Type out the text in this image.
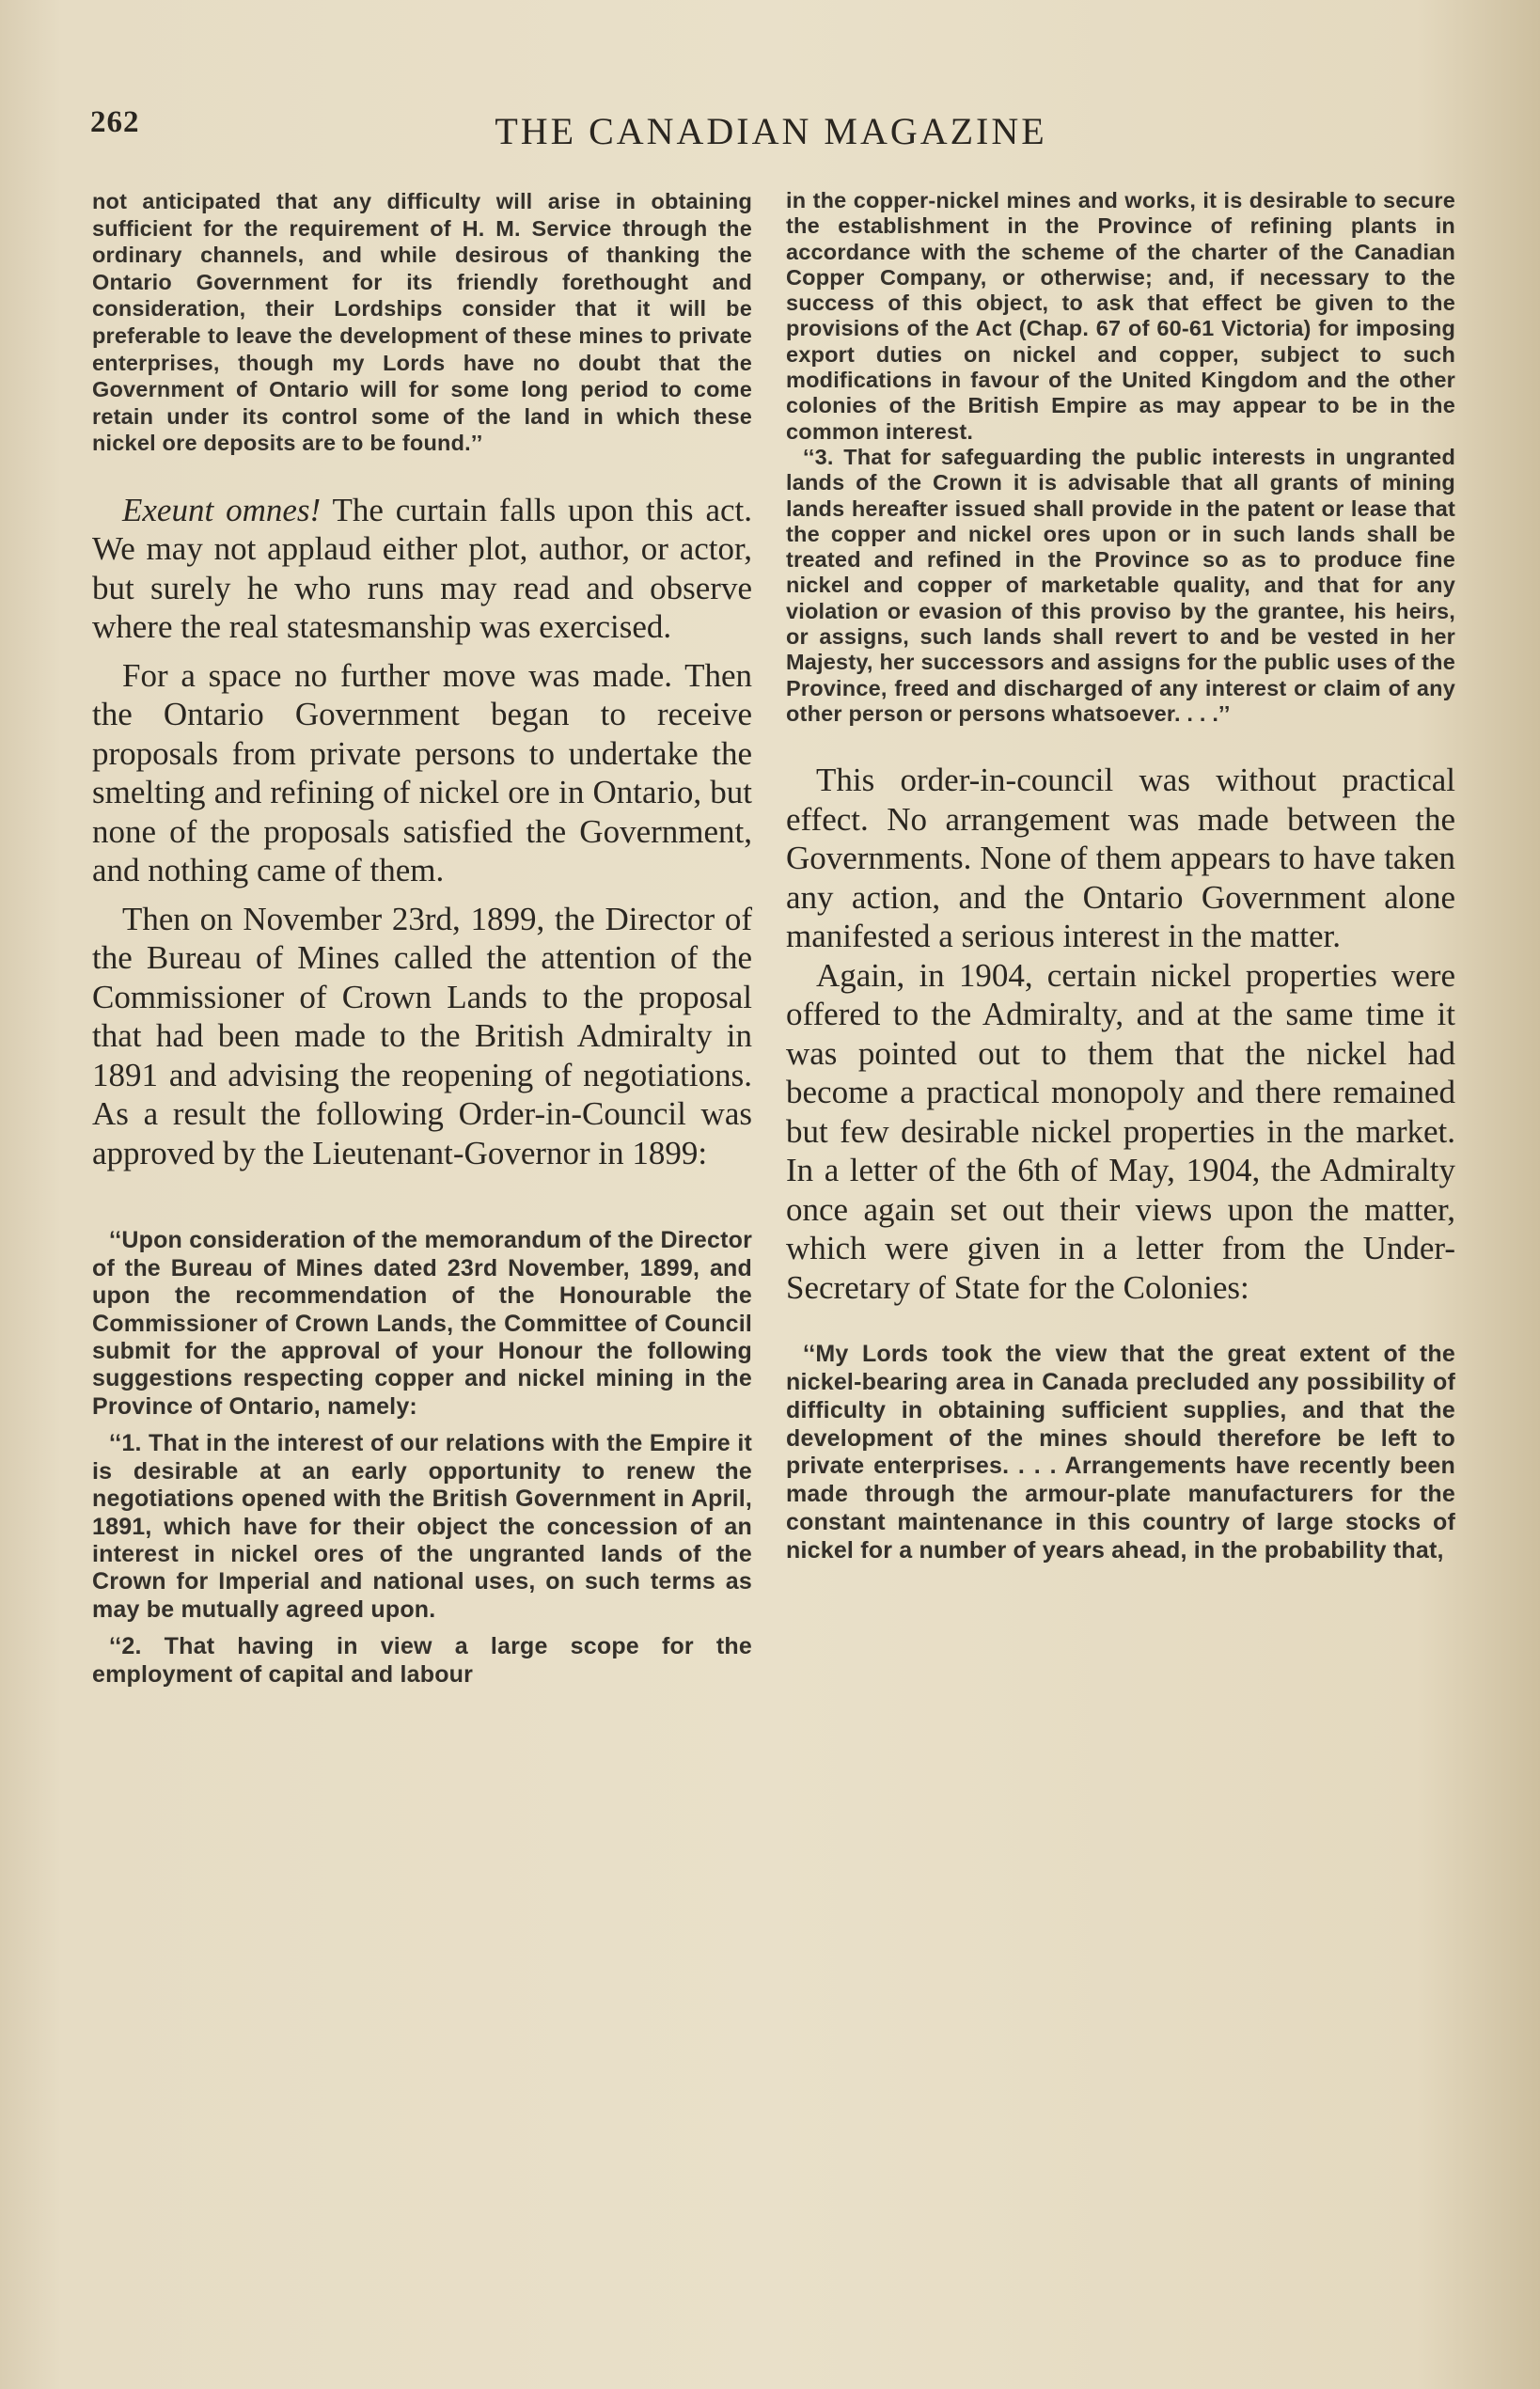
262	THE CANADIAN MAGAZINE

not anticipated that any difficulty will arise in obtaining sufficient for the requirement of H. M. Service through the ordinary channels, and while desirous of thanking the Ontario Government for its friendly forethought and consideration, their Lordships consider that it will be preferable to leave the development of these mines to private enterprises, though my Lords have no doubt that the Government of Ontario will for some long period to come retain under its control some of the land in which these nickel ore deposits are to be found.’’

Exeunt omnes! The curtain falls upon this act. We may not applaud either plot, author, or actor, but surely he who runs may read and observe where the real statesmanship was exercised.

For a space no further move was made. Then the Ontario Government began to receive proposals from private persons to undertake the smelting and refining of nickel ore in Ontario, but none of the proposals satisfied the Government, and nothing came of them.

Then on November 23rd, 1899, the Director of the Bureau of Mines called the attention of the Commissioner of Crown Lands to the proposal that had been made to the British Admiralty in 1891 and advising the reopening of negotiations. As a result the following Order-in-Council was approved by the Lieutenant-Governor in 1899:

‘‘Upon consideration of the memorandum of the Director of the Bureau of Mines dated 23rd November, 1899, and upon the recommendation of the Honourable the Commissioner of Crown Lands, the Committee of Council submit for the approval of your Honour the following suggestions respecting copper and nickel mining in the Province of Ontario, namely:

‘‘1. That in the interest of our relations with the Empire it is desirable at an early opportunity to renew the negotiations opened with the British Government in April, 1891, which have for their object the concession of an interest in nickel ores of the ungranted lands of the Crown for Imperial and national uses, on such terms as may be mutually agreed upon.

‘‘2. That having in view a large scope for the employment of capital and labour

in the copper-nickel mines and works, it is desirable to secure the establishment in the Province of refining plants in accordance with the scheme of the charter of the Canadian Copper Company, or otherwise; and, if necessary to the success of this object, to ask that effect be given to the provisions of the Act (Chap. 67 of 60-61 Victoria) for imposing export duties on nickel and copper, subject to such modifications in favour of the United Kingdom and the other colonies of the British Empire as may appear to be in the common interest.

‘‘3. That for safeguarding the public interests in ungranted lands of the Crown it is advisable that all grants of mining lands hereafter issued shall provide in the patent or lease that the copper and nickel ores upon or in such lands shall be treated and refined in the Province so as to produce fine nickel and copper of marketable quality, and that for any violation or evasion of this proviso by the grantee, his heirs, or assigns, such lands shall revert to and be vested in her Majesty, her successors and assigns for the public uses of the Province, freed and discharged of any interest or claim of any other person or persons whatsoever. . . .’’

This order-in-council was without practical effect. No arrangement was made between the Governments. None of them appears to have taken any action, and the Ontario Government alone manifested a serious interest in the matter.

Again, in 1904, certain nickel properties were offered to the Admiralty, and at the same time it was pointed out to them that the nickel had become a practical monopoly and there remained but few desirable nickel properties in the market. In a letter of the 6th of May, 1904, the Admiralty once again set out their views upon the matter, which were given in a letter from the Under-Secretary of State for the Colonies:

‘‘My Lords took the view that the great extent of the nickel-bearing area in Canada precluded any possibility of difficulty in obtaining sufficient supplies, and that the development of the mines should therefore be left to private enterprises. . . . Arrangements have recently been made through the armour-plate manufacturers for the constant maintenance in this country of large stocks of nickel for a number of years ahead, in the probability that,
